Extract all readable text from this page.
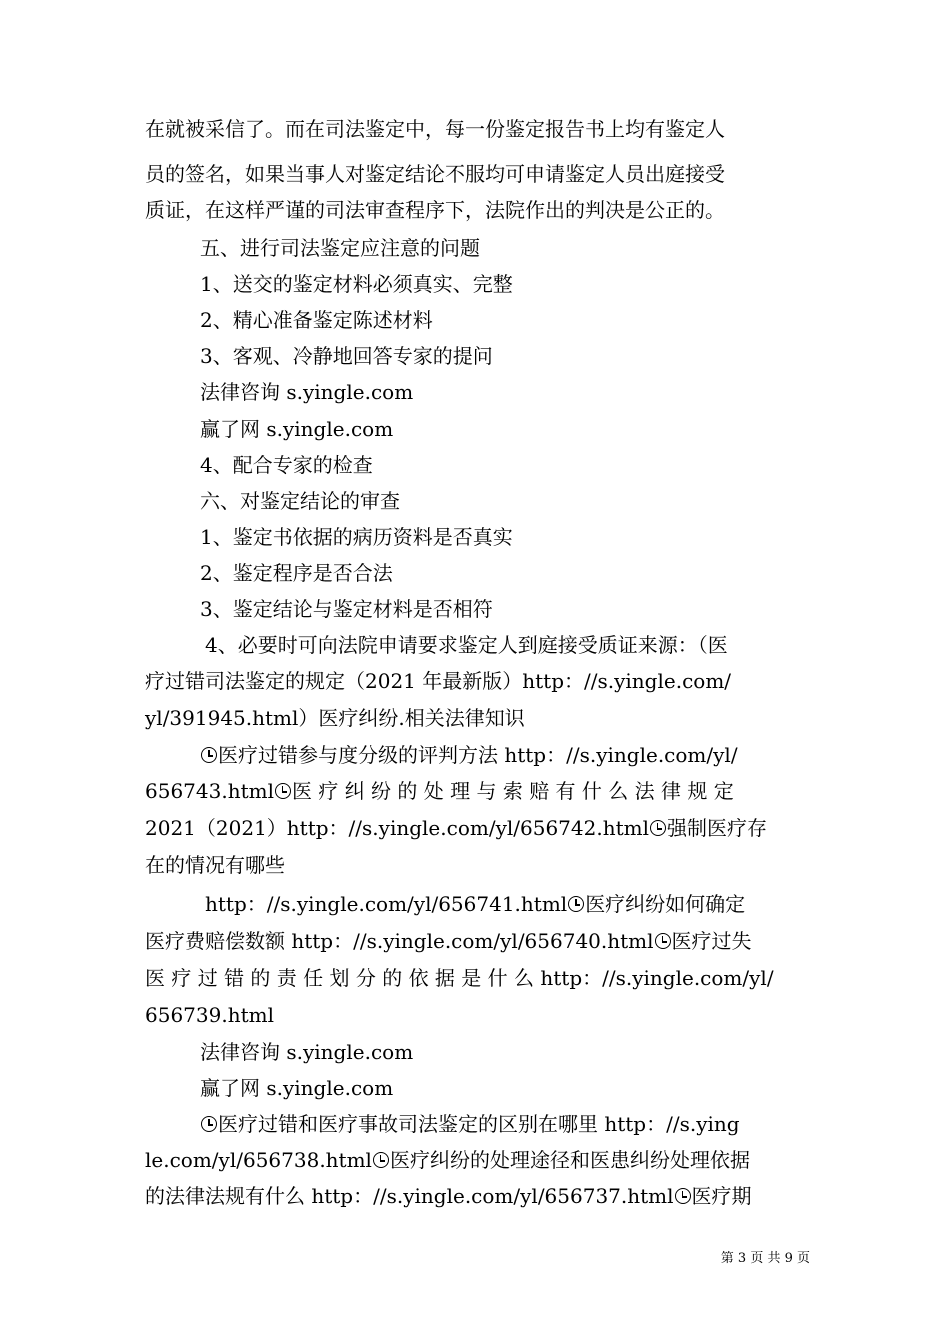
在就被采信了。而在司法鉴定中，每一份鉴定报告书上均有鉴定人
员的签名，如果当事人对鉴定结论不服均可申请鉴定人员出庭接受
质证，在这样严谨的司法审查程序下，法院作出的判决是公正的。
五、进行司法鉴定应注意的问题
1、送交的鉴定材料必须真实、完整
2、精心准备鉴定陈述材料
3、客观、冷静地回答专家的提问
法律咨询 s.yingle.com
赢了网 s.yingle.com
4、配合专家的检查
六、对鉴定结论的审查
1、鉴定书依据的病历资料是否真实
2、鉴定程序是否合法
3、鉴定结论与鉴定材料是否相符
4、必要时可向法院申请要求鉴定人到庭接受质证来源：（医
疗过错司法鉴定的规定（2021 年最新版）http：//s.yingle.com/
yl/391945.html）医疗纠纷.相关法律知识
医疗过错参与度分级的评判方法 http：//s.yingle.com/yl/
656743.html 医 疗 纠 纷 的 处 理 与 索 赔 有 什 么 法 律 规 定
2021（2021）http：//s.yingle.com/yl/656742.html 强制医疗存
在的情况有哪些
http：//s.yingle.com/yl/656741.html 医疗纠纷如何确定
医疗费赔偿数额 http：//s.yingle.com/yl/656740.html 医疗过失
医 疗 过 错 的 责 任 划 分 的 依 据 是 什 么 http：//s.yingle.com/yl/
656739.html
法律咨询 s.yingle.com
赢了网 s.yingle.com
医疗过错和医疗事故司法鉴定的区别在哪里 http：//s.ying
le.com/yl/656738.html 医疗纠纷的处理途径和医患纠纷处理依据
的法律法规有什么 http：//s.yingle.com/yl/656737.html 医疗期
第 3 页 共 9 页
